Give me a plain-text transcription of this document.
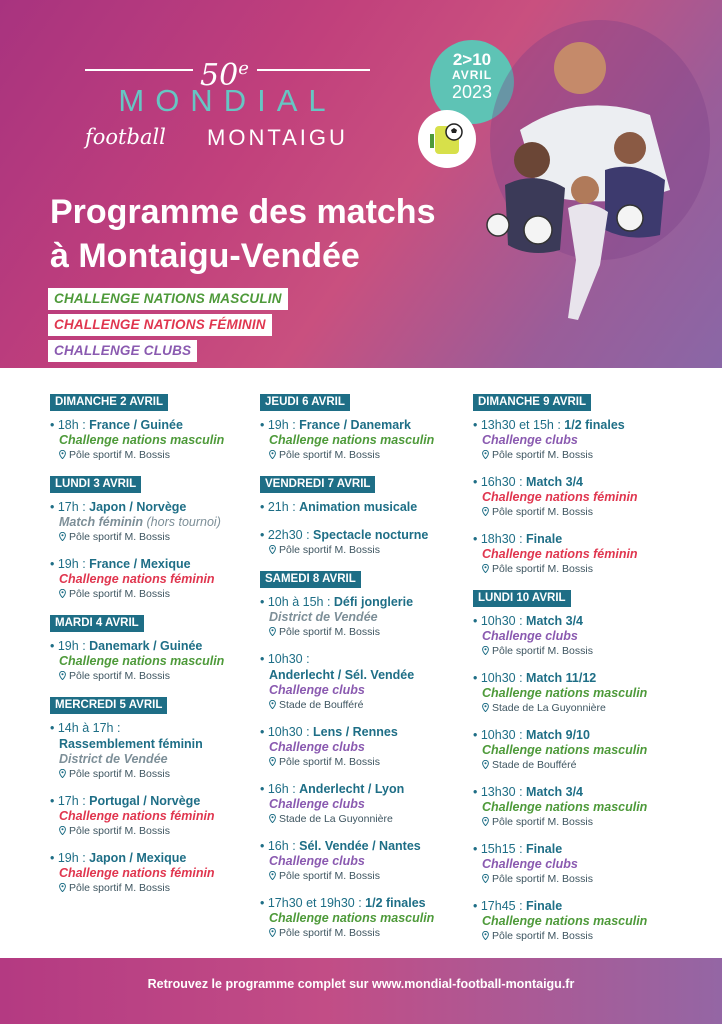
50e
MONDIAL
football MONTAIGU
2>10
AVRIL
2023
Programme des matchs
à Montaigu-Vendée
CHALLENGE NATIONS MASCULIN
CHALLENGE NATIONS FÉMININ
CHALLENGE CLUBS
DIMANCHE 2 AVRIL
• 18h : France / Guinée
Challenge nations masculin
Pôle sportif M. Bossis
LUNDI 3 AVRIL
• 17h : Japon / Norvège
Match féminin (hors tournoi)
Pôle sportif M. Bossis
• 19h : France / Mexique
Challenge nations féminin
Pôle sportif M. Bossis
MARDI 4 AVRIL
• 19h : Danemark / Guinée
Challenge nations masculin
Pôle sportif M. Bossis
MERCREDI 5 AVRIL
• 14h à 17h :
Rassemblement féminin
District de Vendée
Pôle sportif M. Bossis
• 17h : Portugal / Norvège
Challenge nations féminin
Pôle sportif M. Bossis
• 19h : Japon / Mexique
Challenge nations féminin
Pôle sportif M. Bossis
JEUDI 6 AVRIL
• 19h : France / Danemark
Challenge nations masculin
Pôle sportif M. Bossis
VENDREDI 7 AVRIL
• 21h : Animation musicale
• 22h30 : Spectacle nocturne
Pôle sportif M. Bossis
SAMEDI 8 AVRIL
• 10h à 15h : Défi jonglerie
District de Vendée
Pôle sportif M. Bossis
• 10h30 :
Anderlecht / Sél. Vendée
Challenge clubs
Stade de Boufféré
• 10h30 : Lens / Rennes
Challenge clubs
Pôle sportif M. Bossis
• 16h : Anderlecht / Lyon
Challenge clubs
Stade de La Guyonnière
• 16h : Sél. Vendée / Nantes
Challenge clubs
Pôle sportif M. Bossis
• 17h30 et 19h30 : 1/2 finales
Challenge nations masculin
Pôle sportif M. Bossis
DIMANCHE 9 AVRIL
• 13h30 et 15h : 1/2 finales
Challenge clubs
Pôle sportif M. Bossis
• 16h30 : Match 3/4
Challenge nations féminin
Pôle sportif M. Bossis
• 18h30 : Finale
Challenge nations féminin
Pôle sportif M. Bossis
LUNDI 10 AVRIL
• 10h30 : Match 3/4
Challenge clubs
Pôle sportif M. Bossis
• 10h30 : Match 11/12
Challenge nations masculin
Stade de La Guyonnière
• 10h30 : Match 9/10
Challenge nations masculin
Stade de Boufféré
• 13h30 : Match 3/4
Challenge nations masculin
Pôle sportif M. Bossis
• 15h15 : Finale
Challenge clubs
Pôle sportif M. Bossis
• 17h45 : Finale
Challenge nations masculin
Pôle sportif M. Bossis

Retrouvez le programme complet sur www.mondial-football-montaigu.fr
